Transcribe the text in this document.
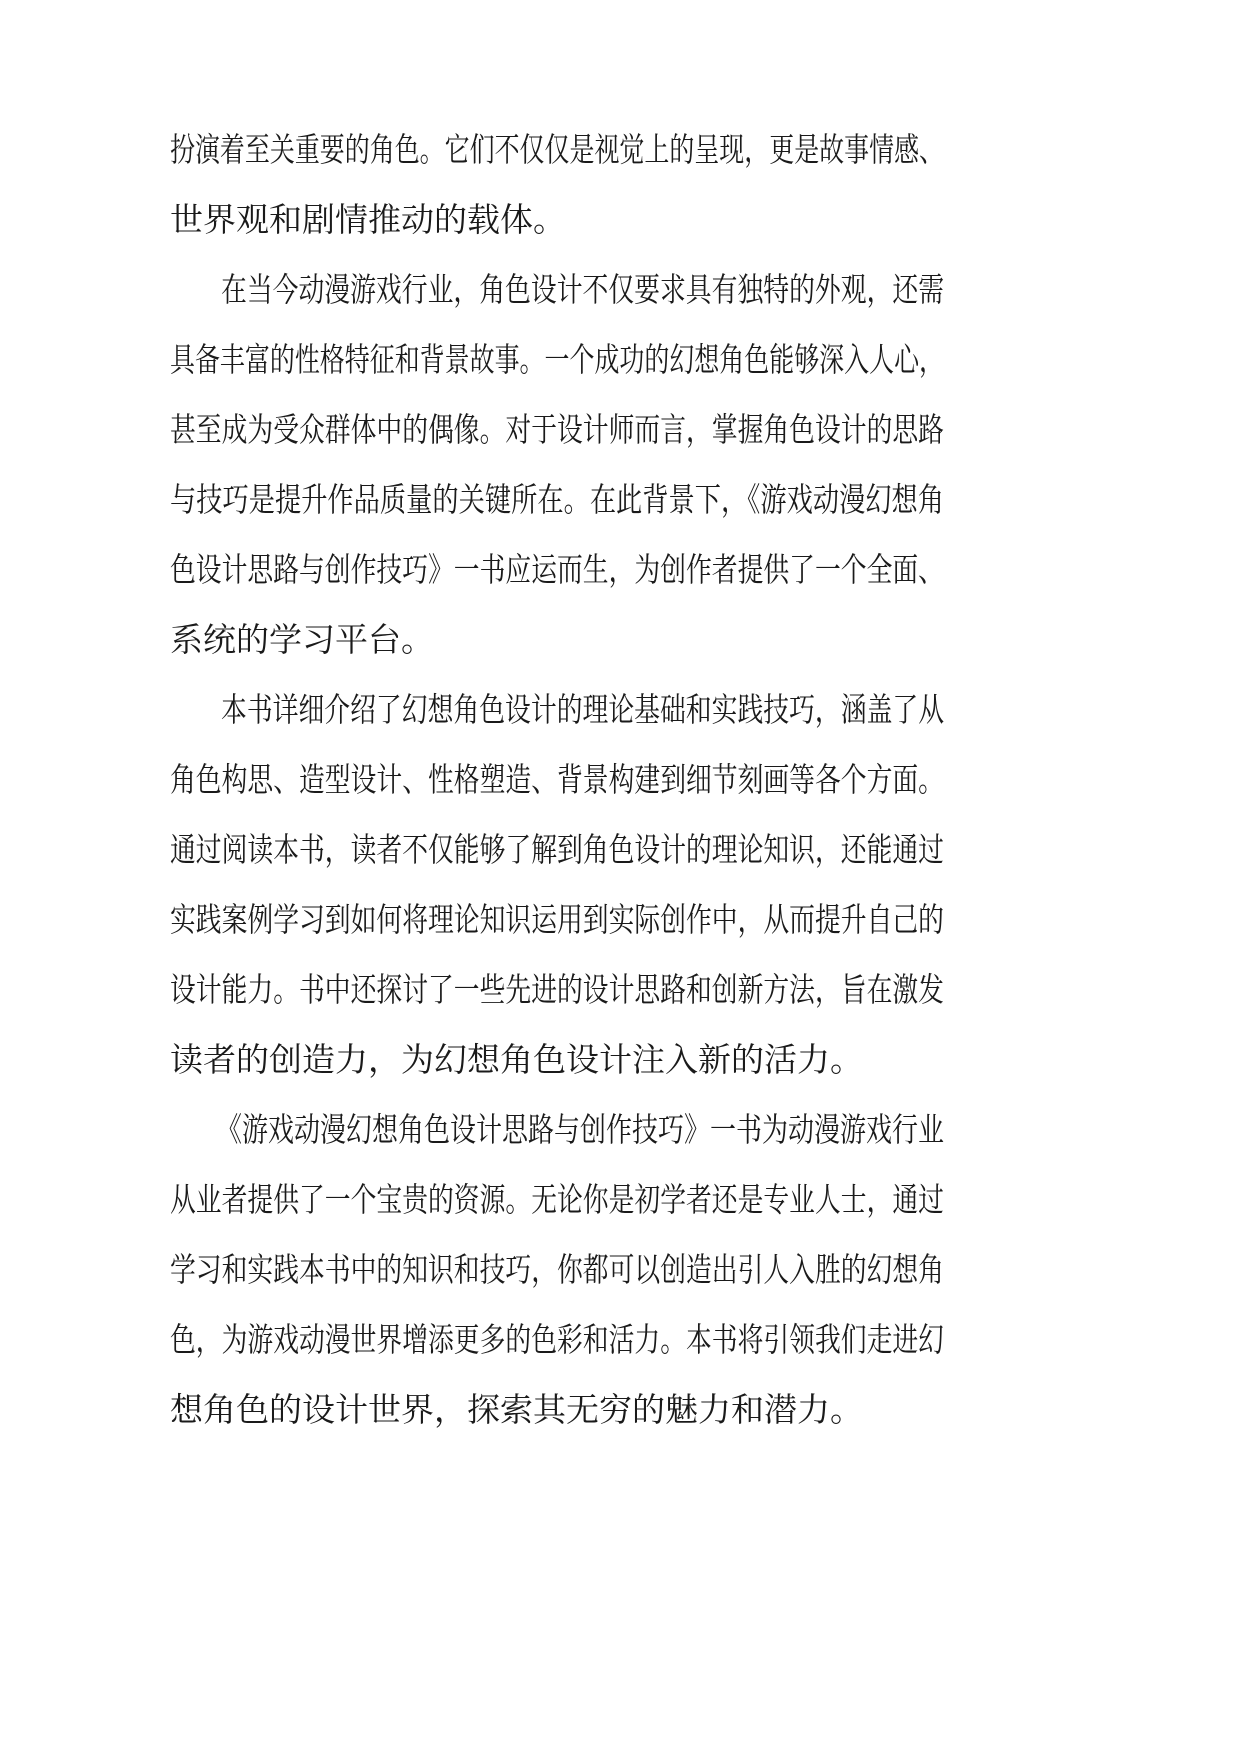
扮演着至关重要的角色。它们不仅仅是视觉上的呈现，更是故事情感、
世界观和剧情推动的载体。
在当今动漫游戏行业，角色设计不仅要求具有独特的外观，还需
具备丰富的性格特征和背景故事。一个成功的幻想角色能够深入人心，
甚至成为受众群体中的偶像。对于设计师而言，掌握角色设计的思路
与技巧是提升作品质量的关键所在。在此背景下，《游戏动漫幻想角
色设计思路与创作技巧》一书应运而生，为创作者提供了一个全面、
系统的学习平台。
本书详细介绍了幻想角色设计的理论基础和实践技巧，涵盖了从
角色构思、造型设计、性格塑造、背景构建到细节刻画等各个方面。
通过阅读本书，读者不仅能够了解到角色设计的理论知识，还能通过
实践案例学习到如何将理论知识运用到实际创作中，从而提升自己的
设计能力。书中还探讨了一些先进的设计思路和创新方法，旨在激发
读者的创造力，为幻想角色设计注入新的活力。
《游戏动漫幻想角色设计思路与创作技巧》一书为动漫游戏行业
从业者提供了一个宝贵的资源。无论你是初学者还是专业人士，通过
学习和实践本书中的知识和技巧，你都可以创造出引人入胜的幻想角
色，为游戏动漫世界增添更多的色彩和活力。本书将引领我们走进幻
想角色的设计世界，探索其无穷的魅力和潜力。
